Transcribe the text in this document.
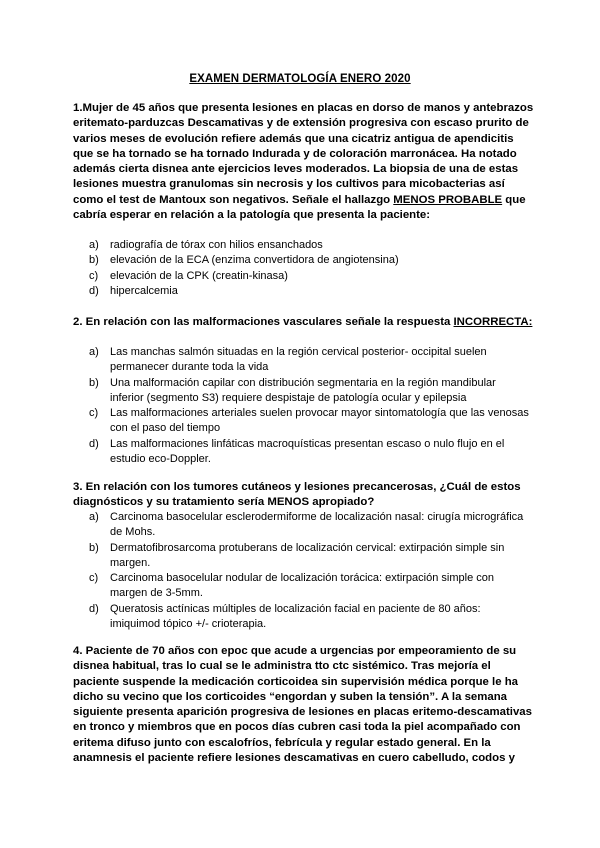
EXAMEN DERMATOLOGÍA ENERO 2020
1.Mujer de 45 años que presenta lesiones en placas en dorso de manos y antebrazos eritemato-parduzcas Descamativas y de extensión progresiva con escaso prurito de varios meses de evolución refiere además que una cicatriz antigua de apendicitis que se ha tornado se ha tornado Indurada y de coloración marronácea. Ha notado además cierta disnea ante ejercicios leves moderados. La biopsia de una de estas lesiones muestra granulomas sin necrosis y los cultivos para micobacterias así como el test de Mantoux son negativos. Señale el hallazgo MENOS PROBABLE que cabría esperar en relación a la patología que presenta la paciente:
a) radiografía de tórax con hilios ensanchados
b) elevación de la ECA (enzima convertidora de angiotensina)
c) elevación de la CPK (creatin-kinasa)
d) hipercalcemia
2. En relación con las malformaciones vasculares señale la respuesta INCORRECTA:
a) Las manchas salmón situadas en la región cervical posterior- occipital suelen permanecer durante toda la vida
b) Una malformación capilar con distribución segmentaria en la región mandibular inferior (segmento S3) requiere despistaje de patología ocular y epilepsia
c) Las malformaciones arteriales suelen provocar mayor sintomatología que las venosas con el paso del tiempo
d) Las malformaciones linfáticas macroquísticas presentan escaso o nulo flujo en el estudio eco-Doppler.
3. En relación con los tumores cutáneos y lesiones precancerosas, ¿Cuál de estos diagnósticos y su tratamiento sería MENOS apropiado?
a) Carcinoma basocelular esclerodermiforme de localización nasal: cirugía micrográfica de Mohs.
b) Dermatofibrosarcoma protuberans de localización cervical: extirpación simple sin margen.
c) Carcinoma basocelular nodular de localización torácica: extirpación simple con margen de 3-5mm.
d) Queratosis actínicas múltiples de localización facial en paciente de 80 años: imiquimod tópico +/- crioterapia.
4. Paciente de 70 años con epoc que acude a urgencias por empeoramiento de su disnea habitual, tras lo cual se le administra tto ctc sistémico. Tras mejoría el paciente suspende la medicación corticoidea sin supervisión médica porque le ha dicho su vecino que los corticoides “engordan y suben la tensión”. A la semana siguiente presenta aparición progresiva de lesiones en placas eritemo-descamativas en tronco y miembros que en pocos días cubren casi toda la piel acompañado con eritema difuso junto con escalofríos, febrícula y regular estado general. En la anamnesis el paciente refiere lesiones descamativas en cuero cabelludo, codos y
